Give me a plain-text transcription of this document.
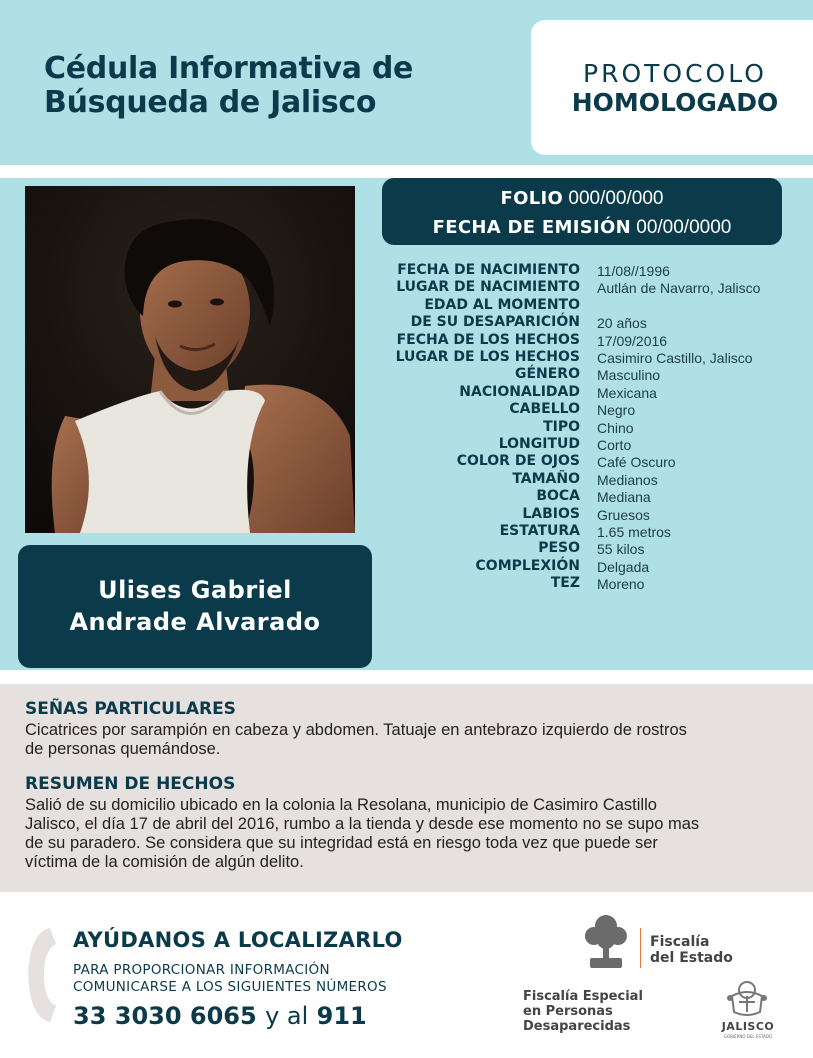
Cédula Informativa de
Búsqueda de Jalisco
PROTOCOLO
HOMOLOGADO
Ulises Gabriel
Andrade Alvarado
FOLIO 000/00/000
FECHA DE EMISIÓN 00/00/0000
FECHA DE NACIMIENTO 11/08//1996
LUGAR DE NACIMIENTO Autlán de Navarro, Jalisco
EDAD AL MOMENTO
DE SU DESAPARICIÓN 20 años
FECHA DE LOS HECHOS 17/09/2016
LUGAR DE LOS HECHOS Casimiro Castillo, Jalisco
GÉNERO Masculino
NACIONALIDAD Mexicana
CABELLO Negro
TIPO Chino
LONGITUD Corto
COLOR DE OJOS Café Oscuro
TAMAÑO Medianos
BOCA Mediana
LABIOS Gruesos
ESTATURA 1.65 metros
PESO 55 kilos
COMPLEXIÓN Delgada
TEZ Moreno
SEÑAS PARTICULARES
Cicatrices por sarampión en cabeza y abdomen. Tatuaje en antebrazo izquierdo de rostros
de personas quemándose.
RESUMEN DE HECHOS
Salió de su domicilio ubicado en la colonia la Resolana, municipio de Casimiro Castillo
Jalisco, el día 17 de abril del 2016, rumbo a la tienda y desde ese momento no se supo mas
de su paradero. Se considera que su integridad está en riesgo toda vez que puede ser
víctima de la comisión de algún delito.
AYÚDANOS A LOCALIZARLO
PARA PROPORCIONAR INFORMACIÓN
COMUNICARSE A LOS SIGUIENTES NÚMEROS
33 3030 6065 y al 911
Fiscalía
del Estado
Fiscalía Especial
en Personas
Desaparecidas	JALISCO
GOBIERNO DEL ESTADO
